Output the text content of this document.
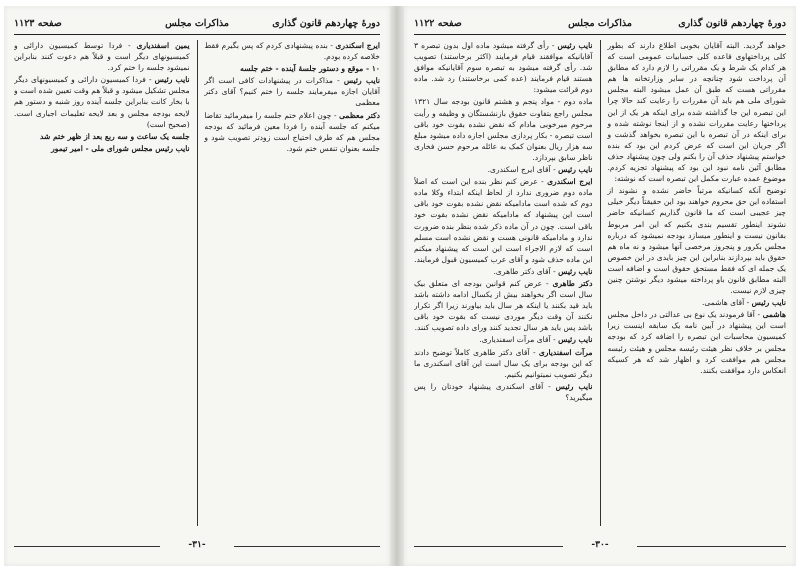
دورهٔ چهاردهم قانون گذاری
مذاکرات مجلس
صفحه ۱۱۲۳

ایرج اسکندری - بنده پیشنهادی کردم که پس بگیرم فقط خلاصه کرده بودم.

۱۰ - موقع و دستور جلسهٔ آینده - ختم جلسه

نایب رئیس - مذاکرات در پیشنهادات کافی است اگر آقایان اجازه میفرمایند جلسه را ختم کنیم؟ آقای دکتر معظمی

دکتر معظمی - چون اعلام ختم جلسه را میفرمائید تقاضا میکنم که جلسه آینده را فردا معین فرمائید که بودجه مجلس هم که طرف احتیاج است زودتر تصویب شود و جلسه بعنوان تنفس ختم شود.

یمین اسفندیاری - فردا توسط کمیسیون دارائی و کمیسیونهای دیگر است و قبلاً هم دعوت کنند بنابراین نمیشود جلسه را ختم کرد.

نایب رئیس - فردا کمیسیون دارائی و کمیسیونهای دیگر مجلس تشکیل میشود و قبلاً هم وقت تعیین شده است و با بخار کانت بنابراین جلسه آینده روز شنبه و دستور هم لایحه بودجه مجلس و بعد لایحه تعلیمات اجباری است. (صحیح است)

جلسه یک ساعت و سه ربع بعد از ظهر ختم شد

نایب رئیس مجلس شورای ملی - امیر تیمور

-۳۱-
دورهٔ چهاردهم قانون گذاری
مذاکرات مجلس
صفحه ۱۱۲۲

خواهد گردید. البته آقایان بخوبی اطلاع دارند که بطور کلی پرداختهاوی قاعده کلی حسابیات عمومی است که هر کدام یک شرط و یک مقرراتی را لازم دارد که مطابق آن پرداخت شود چنانچه در سایر وزارتخانه ها هم مقرراتی هست که طبق آن عمل میشود البته مجلس شورای ملی هم باید آن مقررات را رعایت کند حالا چرا این تبصره این جا گذاشته شده برای اینکه هر یک از این پرداختها رعایت مقررات نشده و از اینجا نوشته شده و برای اینکه در آن تبصره با این تبصره بخواهد گذشت و اگر جریان این است که عرض کردم این بود که بنده خواستم پیشنهاد حذف آن را بکنم ولی چون پیشنهاد حذف مطابق آئین نامه نبود این بود که پیشنهاد تجزیه کردم. موضوع عمده عبارت مکمل این تبصره است که نوشته:

توضیح آنکه کسانیکه مرتباً حاضر نشده و نشوند از استفاده این حق محروم خواهند بود این حقیقتاً دیگر خیلی چیز عجیبی است که ما قانون گذاریم کسانیکه حاضر نشوند اینطور تقسیم بندی بکنیم که این امر مربوط بقانون نیست و اینطور میسازد بودجه نمیشود که درباره مجلس بکرور و پنجروز مرخصی آنها میشود و نه ماه هم حقوق باید بپردازند بنابراین این چیز بایدی در این خصوص یک جمله ای که فقط مستحق حقوق است و اضافه است البته مطابق قانون باو پرداخته میشود دیگر نوشتن چنین چیزی لازم نیست.

نایب رئیس - آقای هاشمی.

هاشمی - آقا فرمودند یک نوع بی عدالتی در داخل مجلس است این پیشنهاد در آیین نامه یک سابقه اینست زیرا کمیسیون محاسبات این تبصره را اضافه کرد که بودجه مجلس بر خلاف نظر هیئت رئیسه مجلس و هیئت رئیسه مجلس هم موافقت کرد و اظهار شد که هر کسیکه انعکاس دارد موافقت بکنند.

نایب رئیس - رأی گرفته میشود ماده اول بدون تبصره ۳ آقایانیکه موافقند قیام فرمایند (اکثر برخاستند) تصویب شد. رأی گرفته میشود به تبصره سوم آقایانیکه موافق هستند قیام فرمایند (عده کمی برخاستند) رد شد. ماده دوم قرائت میشود:

ماده دوم - مواد پنجم و هشتم قانون بودجه سال ۱۳۲۱ مجلس راجع بتفاوت حقوق بازنشستگان و وظیفه و رأیت مرحوم میرخوبی مادام که نقض نشده بقوت خود باقی است تبصره - بکار پردازی مجلس اجازه داده میشود مبلغ سه هزار ریال بعنوان کمک به عائله مرحوم حسن فخاری ناظر سابق بپردازد.

نایب رئیس - آقای ایرج اسکندری.

ایرج اسکندری - عرض کنم نظر بنده این است که اصلاً ماده دوم ضروری ندارد از لحاظ اینکه ابتداء وکلا ماده دوم که شده است مادامیکه نقض نشده بقوت خود باقی است این پیشنهاد که مادامیکه نقض نشده بقوت خود باقی است. چون در آن ماده ذکر شده بنظر بنده ضرورت ندارد و مادامیکه قانونی هست و نقض نشده است مسلم است که لازم الاجراء است این است که پیشنهاد میکنم این ماده حذف شود و آقای عرب کمیسیون قبول فرمایند.

نایب رئیس - آقای دکتر طاهری.

دکتر طاهری - عرض کنم قوانین بودجه ای متعلق بیک سال است اگر بخواهند بیش از یکسال ادامه داشته باشد باید قید بکنند یا اینکه هر سال باید بیاورند زیرا اگر تکرار نکنند آن وقت دیگر موردی نیست که بقوت خود باقی باشد پس باید هر سال تجدید کنند ورای داده تصویب کنند.

نایب رئیس - آقای مرآت اسفندیاری.

مرآت اسفندیاری - آقای دکتر طاهری کاملاً توضیح دادند که این بودجه برای یک سال است این آقای اسکندری ما دیگر تصویب نمیتوانیم بکنیم.

نایب رئیس - آقای اسکندری پیشنهاد خودتان را پس میگیرید؟

-۳۰-
